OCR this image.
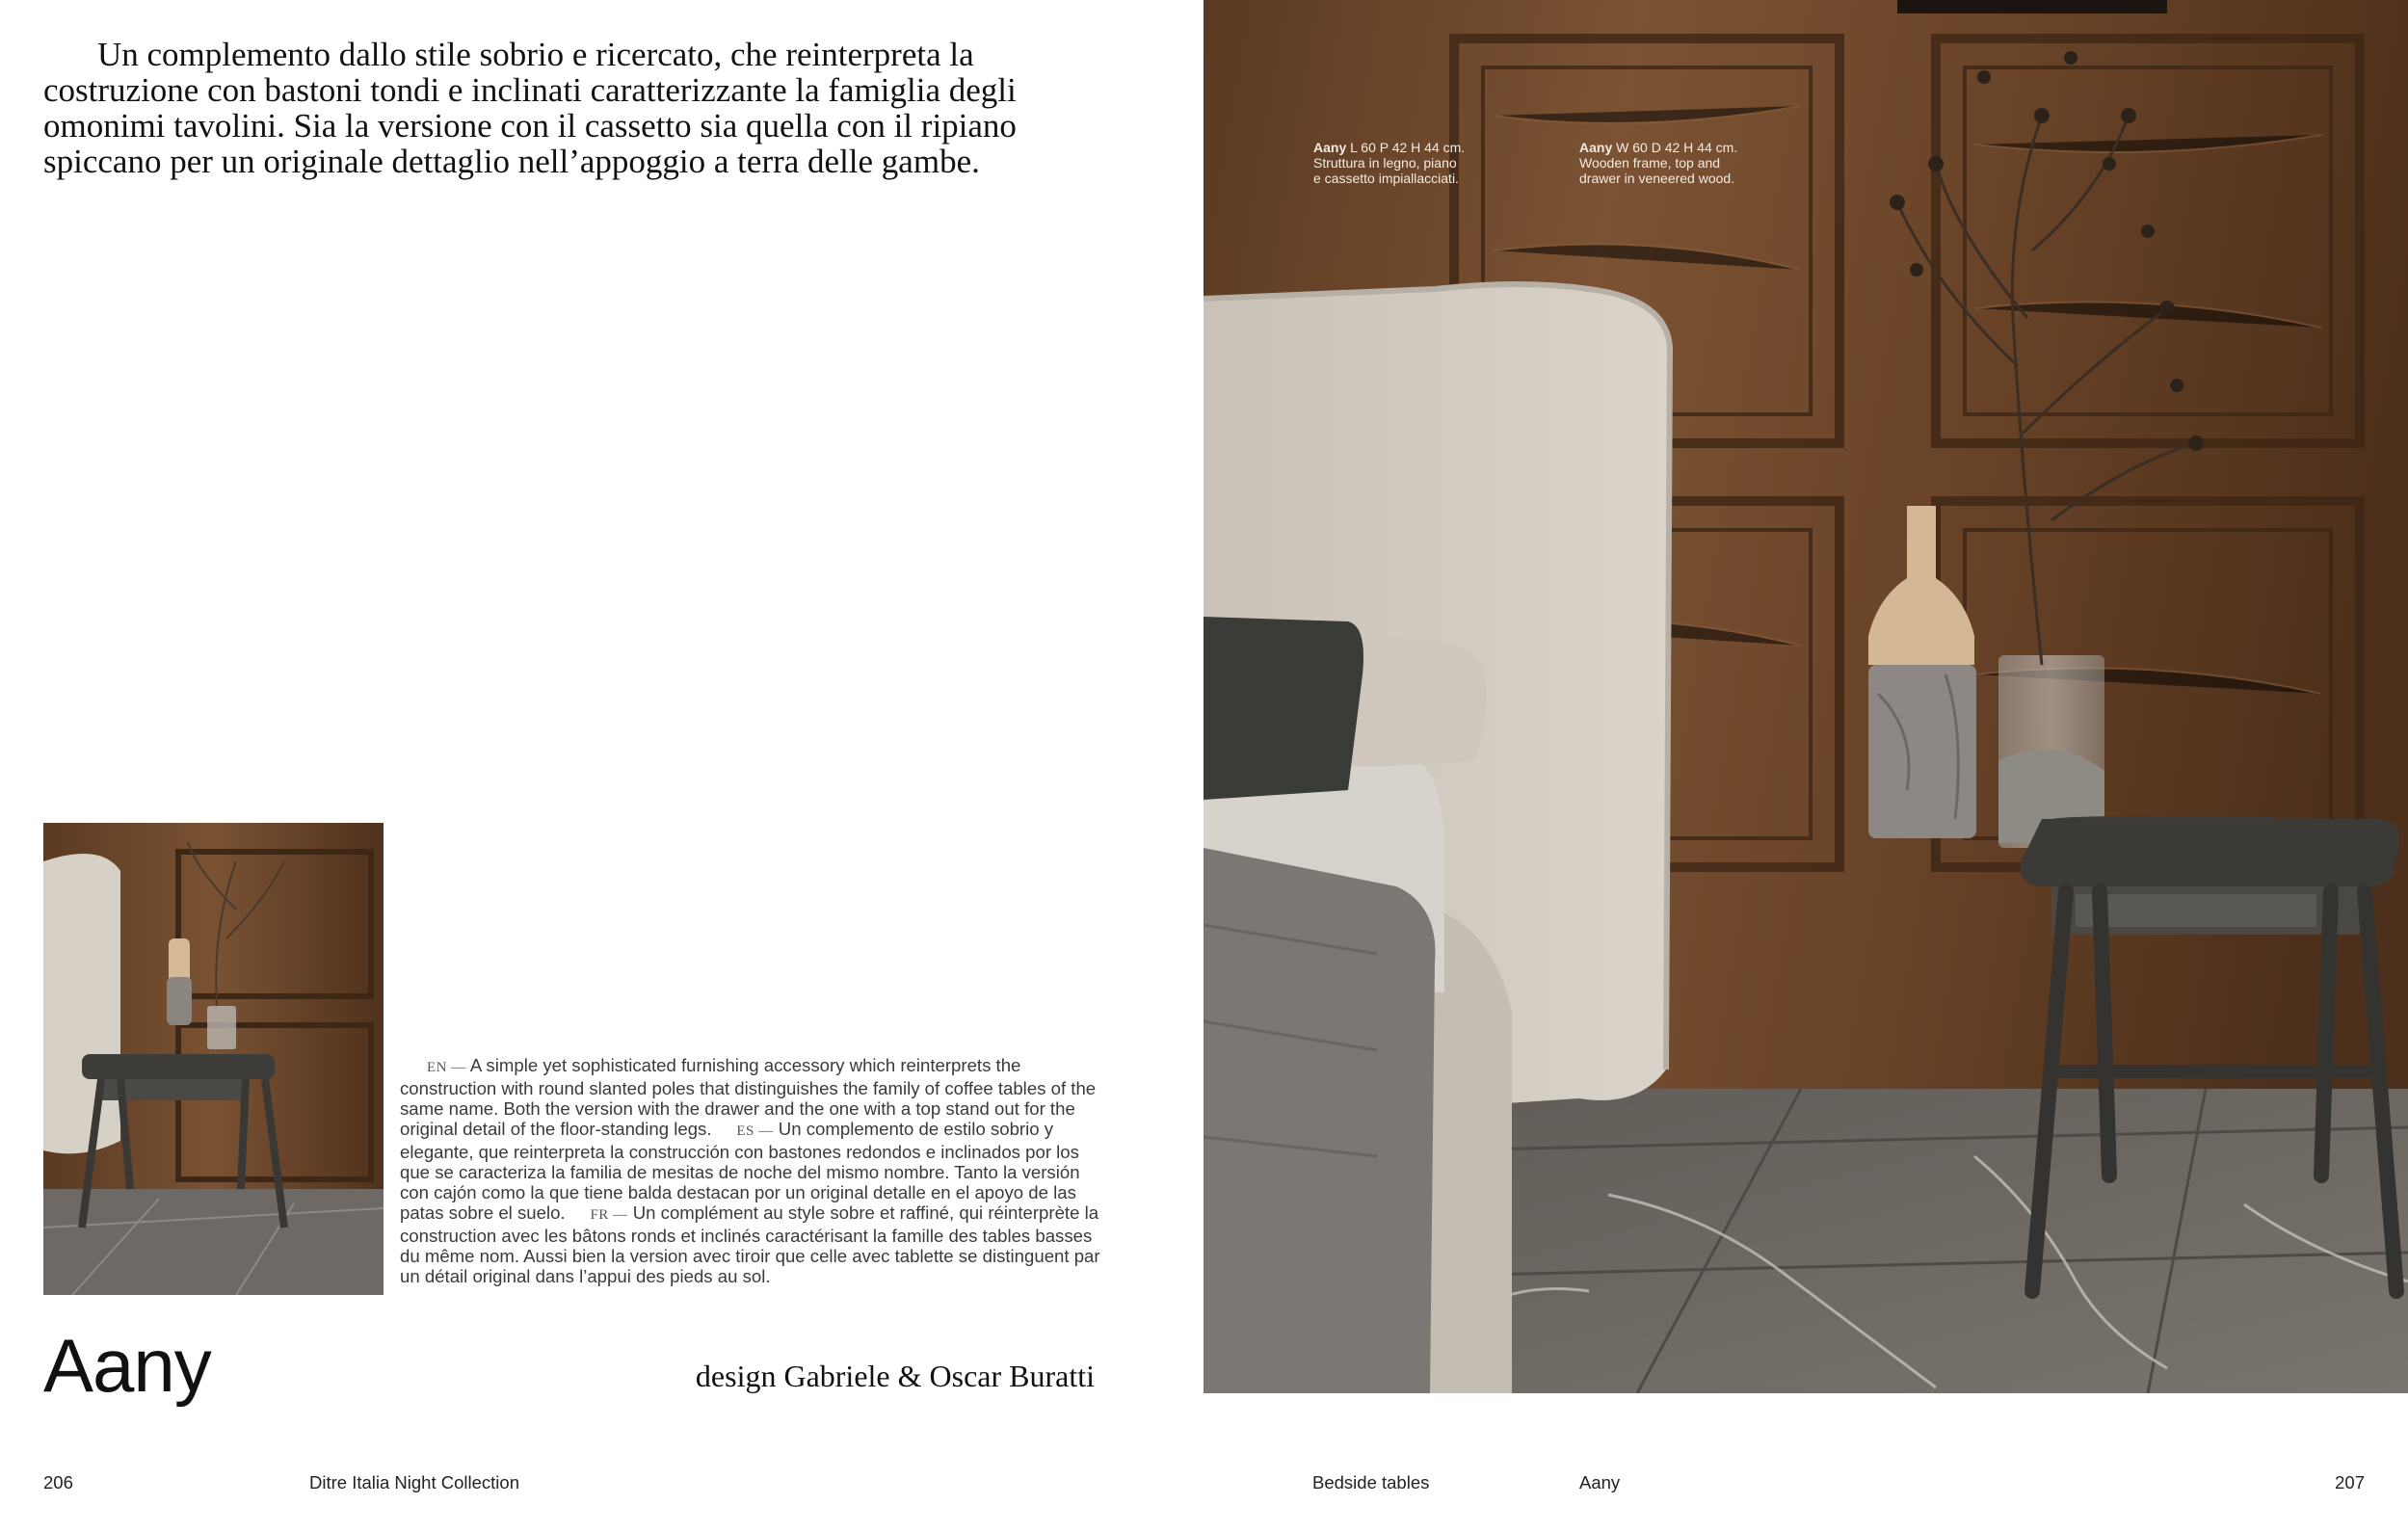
Un complemento dallo stile sobrio e ricercato, che reinterpreta la costruzione con bastoni tondi e inclinati caratterizzante la famiglia degli omonimi tavolini. Sia la versione con il cassetto sia quella con il ripiano spiccano per un originale dettaglio nell’appoggio a terra delle gambe.

EN — A simple yet sophisticated furnishing accessory which reinterprets the construction with round slanted poles that distinguishes the family of coffee tables of the same name. Both the version with the drawer and the one with a top stand out for the original detail of the floor-standing legs. ES — Un complemento de estilo sobrio y elegante, que reinterpreta la construcción con bastones redondos e inclinados por los que se caracteriza la familia de mesitas de noche del mismo nombre. Tanto la versión con cajón como la que tiene balda destacan por un original detalle en el apoyo de las patas sobre el suelo. FR — Un complément au style sobre et raffiné, qui réinterprète la construction avec les bâtons ronds et inclinés caractérisant la famille des tables basses du même nom. Aussi bien la version avec tiroir que celle avec tablette se distinguent par un détail original dans l’appui des pieds au sol.

Aany	design Gabriele & Oscar Buratti
206	Ditre Italia Night Collection	Bedside tables	Aany	207
Aany L 60 P 42 H 44 cm.
Struttura in legno, piano
e cassetto impiallacciati.
Aany W 60 D 42 H 44 cm.
Wooden frame, top and
drawer in veneered wood.
